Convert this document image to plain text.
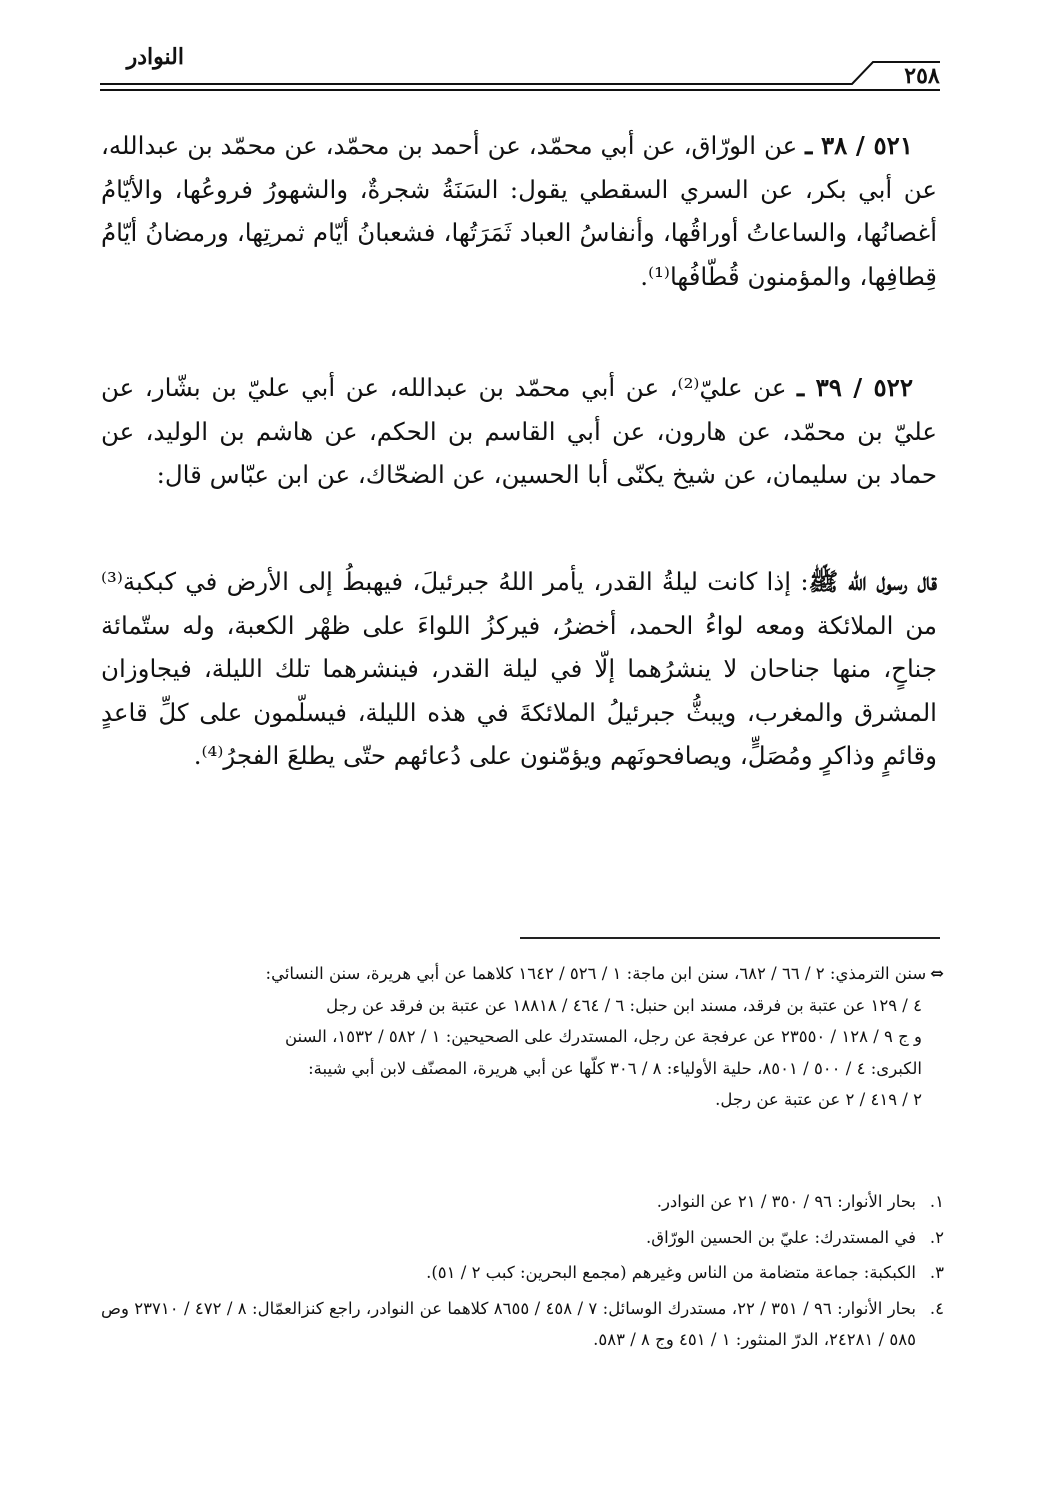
النوادر
٢٥٨

٥٢١ / ٣٨ ـ عن الورّاق، عن أبي محمّد، عن أحمد بن محمّد، عن محمّد بن عبدالله، عن أبي بكر، عن السري السقطي يقول: السَنَةُ شجرةٌ، والشهورُ فروعُها، والأيّامُ أغصانُها، والساعاتُ أوراقُها، وأنفاسُ العباد ثَمَرَتُها، فشعبانُ أيّام ثمرتِها، ورمضانُ أيّامُ قِطافِها، والمؤمنون قُطّافُها⁽¹⁾.

٥٢٢ / ٣٩ ـ عن عليّ⁽²⁾، عن أبي محمّد بن عبدالله، عن أبي عليّ بن بشّار، عن عليّ بن محمّد، عن هارون، عن أبي القاسم بن الحكم، عن هاشم بن الوليد، عن حماد بن سليمان، عن شيخ يكنّى أبا الحسين، عن الضحّاك، عن ابن عبّاس قال:

قال رسول الله ﷺ: إذا كانت ليلةُ القدر، يأمر اللهُ جبرئيلَ، فيهبطُ إلى الأرض في كبكبة⁽³⁾ من الملائكة ومعه لواءُ الحمد، أخضرُ، فيركزُ اللواءَ على ظهْر الكعبة، وله ستّمائة جناحٍ، منها جناحان لا ينشرُهما إلّا في ليلة القدر، فينشرهما تلك الليلة، فيجاوزان المشرق والمغرب، ويبثُّ جبرئيلُ الملائكةَ في هذه الليلة، فيسلّمون على كلِّ قاعدٍ وقائمٍ وذاكرٍ ومُصَلٍّ، ويصافحونَهم ويؤمّنون على دُعائهم حتّى يطلعَ الفجرُ⁽⁴⁾.

⇔سنن الترمذي: ٢ / ٦٦ / ٦٨٢، سنن ابن ماجة: ١ / ٥٢٦ / ١٦٤٢ كلاهما عن أبي هريرة، سنن النسائي:
٤ / ١٢٩ عن عتبة بن فرقد، مسند ابن حنبل: ٦ / ٤٦٤ / ١٨٨١٨ عن عتبة بن فرقد عن رجل
و ج ٩ / ١٢٨ / ٢٣٥٥٠ عن عرفجة عن رجل، المستدرك على الصحيحين: ١ / ٥٨٢ / ١٥٣٢، السنن
الكبرى: ٤ / ٥٠٠ / ٨٥٠١، حلية الأولياء: ٨ / ٣٠٦ كلّها عن أبي هريرة، المصنّف لابن أبي شيبة:
٢ / ٤١٩ / ٢ عن عتبة عن رجل.
١.
بحار الأنوار: ٩٦ / ٣٥٠ / ٢١ عن النوادر.
٢.
في المستدرك: عليّ بن الحسين الورّاق.
٣.
الكبكبة: جماعة متضامة من الناس وغيرهم (مجمع البحرين: كبب ٢ / ٥١).
٤.
بحار الأنوار: ٩٦ / ٣٥١ / ٢٢، مستدرك الوسائل: ٧ / ٤٥٨ / ٨٦٥٥ كلاهما عن النوادر، راجع كنزالعمّال: ٨ / ٤٧٢ / ٢٣٧١٠ وص ٥٨٥ / ٢٤٢٨١، الدرّ المنثور: ١ / ٤٥١ وج ٨ / ٥٨٣.
